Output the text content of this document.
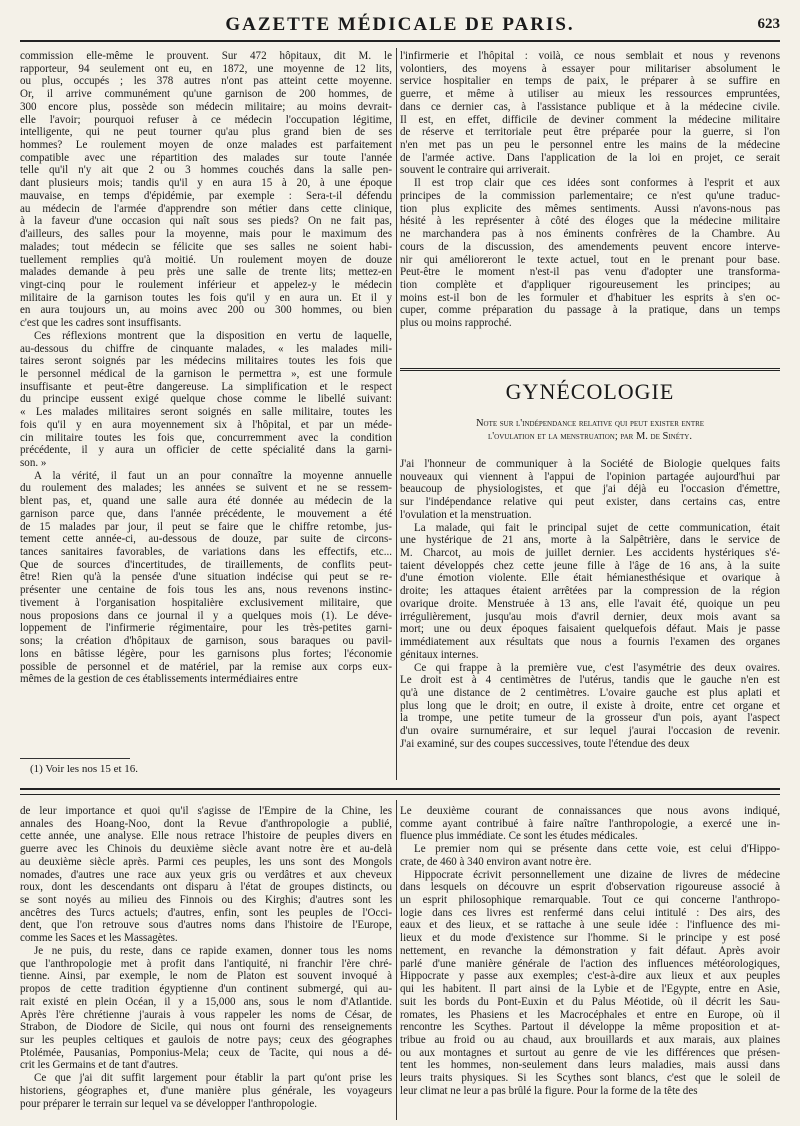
GAZETTE MÉDICALE DE PARIS.	623
commission elle-même le prouvent. Sur 472 hôpitaux, dit M. le
rapporteur, 94 seulement ont eu, en 1872, une moyenne de 12 lits,
ou plus, occupés ; les 378 autres n'ont pas atteint cette moyenne.
Or, il arrive communément qu'une garnison de 200 hommes, de
300 encore plus, possède son médecin militaire; au moins devrait-
elle l'avoir; pourquoi refuser à ce médecin l'occupation légitime,
intelligente, qui ne peut tourner qu'au plus grand bien de ses
hommes? Le roulement moyen de onze malades est parfaitement
compatible avec une répartition des malades sur toute l'année
telle qu'il n'y ait que 2 ou 3 hommes couchés dans la salle pen-
dant plusieurs mois; tandis qu'il y en aura 15 à 20, à une époque
mauvaise, en temps d'épidémie, par exemple : Sera-t-il défendu
au médecin de l'armée d'apprendre son métier dans cette clinique,
à la faveur d'une occasion qui naît sous ses pieds? On ne fait pas,
d'ailleurs, des salles pour la moyenne, mais pour le maximum des
malades; tout médecin se félicite que ses salles ne soient habi-
tuellement remplies qu'à moitié. Un roulement moyen de douze
malades demande à peu près une salle de trente lits; mettez-en
vingt-cinq pour le roulement inférieur et appelez-y le médecin
militaire de la garnison toutes les fois qu'il y en aura un. Et il y
en aura toujours un, au moins avec 200 ou 300 hommes, ou bien
c'est que les cadres sont insuffisants.
Ces réflexions montrent que la disposition en vertu de laquelle,
au-dessous du chiffre de cinquante malades, « les malades mili-
taires seront soignés par les médecins militaires toutes les fois que
le personnel médical de la garnison le permettra », est une formule
insuffisante et peut-être dangereuse. La simplification et le respect
du principe eussent exigé quelque chose comme le libellé suivant:
« Les malades militaires seront soignés en salle militaire, toutes les
fois qu'il y en aura moyennement six à l'hôpital, et par un méde-
cin militaire toutes les fois que, concurremment avec la condition
précédente, il y aura un officier de cette spécialité dans la garni-
son. »
A la vérité, il faut un an pour connaître la moyenne annuelle
du roulement des malades; les années se suivent et ne se ressem-
blent pas, et, quand une salle aura été donnée au médecin de la
garnison parce que, dans l'année précédente, le mouvement a été
de 15 malades par jour, il peut se faire que le chiffre retombe, jus-
tement cette année-ci, au-dessous de douze, par suite de circons-
tances sanitaires favorables, de variations dans les effectifs, etc...
Que de sources d'incertitudes, de tiraillements, de conflits peut-
être! Rien qu'à la pensée d'une situation indécise qui peut se re-
présenter une centaine de fois tous les ans, nous revenons instinc-
tivement à l'organisation hospitalière exclusivement militaire, que
nous proposions dans ce journal il y a quelques mois (1). Le déve-
loppement de l'infirmerie régimentaire, pour les très-petites garni-
sons; la création d'hôpitaux de garnison, sous baraques ou pavil-
lons en bâtisse légère, pour les garnisons plus fortes; l'économie
possible de personnel et de matériel, par la remise aux corps eux-
mêmes de la gestion de ces établissements intermédiaires entre
(1) Voir les nos 15 et 16.
l'infirmerie et l'hôpital : voilà, ce nous semblait et nous y revenons
volontiers, des moyens à essayer pour militariser absolument le
service hospitalier en temps de paix, le préparer à se suffire en
guerre, et même à utiliser au mieux les ressources empruntées,
dans ce dernier cas, à l'assistance publique et à la médecine civile.
Il est, en effet, difficile de deviner comment la médecine militaire
de réserve et territoriale peut être préparée pour la guerre, si l'on
n'en met pas un peu le personnel entre les mains de la médecine
de l'armée active. Dans l'application de la loi en projet, ce serait
souvent le contraire qui arriverait.
Il est trop clair que ces idées sont conformes à l'esprit et aux
principes de la commission parlementaire; ce n'est qu'une traduc-
tion plus explicite des mêmes sentiments. Aussi n'avons-nous pas
hésité à les représenter à côté des éloges que la médecine militaire
ne marchandera pas à nos éminents confrères de la Chambre. Au
cours de la discussion, des amendements peuvent encore interve-
nir qui amélioreront le texte actuel, tout en le prenant pour base.
Peut-être le moment n'est-il pas venu d'adopter une transforma-
tion complète et d'appliquer rigoureusement les principes; au
moins est-il bon de les formuler et d'habituer les esprits à s'en oc-
cuper, comme préparation du passage à la pratique, dans un temps
plus ou moins rapproché.
GYNÉCOLOGIE
Note sur l'indépendance relative qui peut exister entre
l'ovulation et la menstruation; par M. de Sinéty.
J'ai l'honneur de communiquer à la Société de Biologie quelques faits
nouveaux qui viennent à l'appui de l'opinion partagée aujourd'hui par
beaucoup de physiologistes, et que j'ai déjà eu l'occasion d'émettre,
sur l'indépendance relative qui peut exister, dans certains cas, entre
l'ovulation et la menstruation.
La malade, qui fait le principal sujet de cette communication, était
une hystérique de 21 ans, morte à la Salpêtrière, dans le service de
M. Charcot, au mois de juillet dernier. Les accidents hystériques s'é-
taient développés chez cette jeune fille à l'âge de 16 ans, à la suite
d'une émotion violente. Elle était hémianesthésique et ovarique à
droite; les attaques étaient arrêtées par la compression de la région
ovarique droite. Menstruée à 13 ans, elle l'avait été, quoique un peu
irrégulièrement, jusqu'au mois d'avril dernier, deux mois avant sa
mort; une ou deux époques faisaient quelquefois défaut. Mais je passe
immédiatement aux résultats que nous a fournis l'examen des organes
génitaux internes.
Ce qui frappe à la première vue, c'est l'asymétrie des deux ovaires.
Le droit est à 4 centimètres de l'utérus, tandis que le gauche n'en est
qu'à une distance de 2 centimètres. L'ovaire gauche est plus aplati et
plus long que le droit; en outre, il existe à droite, entre cet organe et
la trompe, une petite tumeur de la grosseur d'un pois, ayant l'aspect
d'un ovaire surnuméraire, et sur lequel j'aurai l'occasion de revenir.
J'ai examiné, sur des coupes successives, toute l'étendue des deux
de leur importance et quoi qu'il s'agisse de l'Empire de la Chine, les
annales des Hoang-Noo, dont la Revue d'anthropologie a publié,
cette année, une analyse. Elle nous retrace l'histoire de peuples divers en
guerre avec les Chinois du deuxième siècle avant notre ère et au-delà
au deuxième siècle après. Parmi ces peuples, les uns sont des Mongols
nomades, d'autres une race aux yeux gris ou verdâtres et aux cheveux
roux, dont les descendants ont disparu à l'état de groupes distincts, ou
se sont noyés au milieu des Finnois ou des Kirghis; d'autres sont les
ancêtres des Turcs actuels; d'autres, enfin, sont les peuples de l'Occi-
dent, que l'on retrouve sous d'autres noms dans l'histoire de l'Europe,
comme les Saces et les Massagètes.
Je ne puis, du reste, dans ce rapide examen, donner tous les noms
que l'anthropologie met à profit dans l'antiquité, ni franchir l'ère chré-
tienne. Ainsi, par exemple, le nom de Platon est souvent invoqué à
propos de cette tradition égyptienne d'un continent submergé, qui au-
rait existé en plein Océan, il y a 15,000 ans, sous le nom d'Atlantide.
Après l'ère chrétienne j'aurais à vous rappeler les noms de César, de
Strabon, de Diodore de Sicile, qui nous ont fourni des renseignements
sur les peuples celtiques et gaulois de notre pays; ceux des géographes
Ptolémée, Pausanias, Pomponius-Mela; ceux de Tacite, qui nous a dé-
crit les Germains et de tant d'autres.
Ce que j'ai dit suffit largement pour établir la part qu'ont prise les
historiens, géographes et, d'une manière plus générale, les voyageurs
pour préparer le terrain sur lequel va se développer l'anthropologie.
Le deuxième courant de connaissances que nous avons indiqué,
comme ayant contribué à faire naître l'anthropologie, a exercé une in-
fluence plus immédiate. Ce sont les études médicales.
Le premier nom qui se présente dans cette voie, est celui d'Hippo-
crate, de 460 à 340 environ avant notre ère.
Hippocrate écrivit personnellement une dizaine de livres de médecine
dans lesquels on découvre un esprit d'observation rigoureuse associé à
un esprit philosophique remarquable. Tout ce qui concerne l'anthropo-
logie dans ces livres est renfermé dans celui intitulé : Des airs, des
eaux et des lieux, et se rattache à une seule idée : l'influence des mi-
lieux et du mode d'existence sur l'homme. Si le principe y est posé
nettement, en revanche la démonstration y fait défaut. Après avoir
parlé d'une manière générale de l'action des influences météorologiques,
Hippocrate y passe aux exemples; c'est-à-dire aux lieux et aux peuples
qui les habitent. Il part ainsi de la Lybie et de l'Egypte, entre en Asie,
suit les bords du Pont-Euxin et du Palus Méotide, où il décrit les Sau-
romates, les Phasiens et les Macrocéphales et entre en Europe, où il
rencontre les Scythes. Partout il développe la même proposition et at-
tribue au froid ou au chaud, aux brouillards et aux marais, aux plaines
ou aux montagnes et surtout au genre de vie les différences que présen-
tent les hommes, non-seulement dans leurs maladies, mais aussi dans
leurs traits physiques. Si les Scythes sont blancs, c'est que le soleil de
leur climat ne leur a pas brûlé la figure. Pour la forme de la tête des
